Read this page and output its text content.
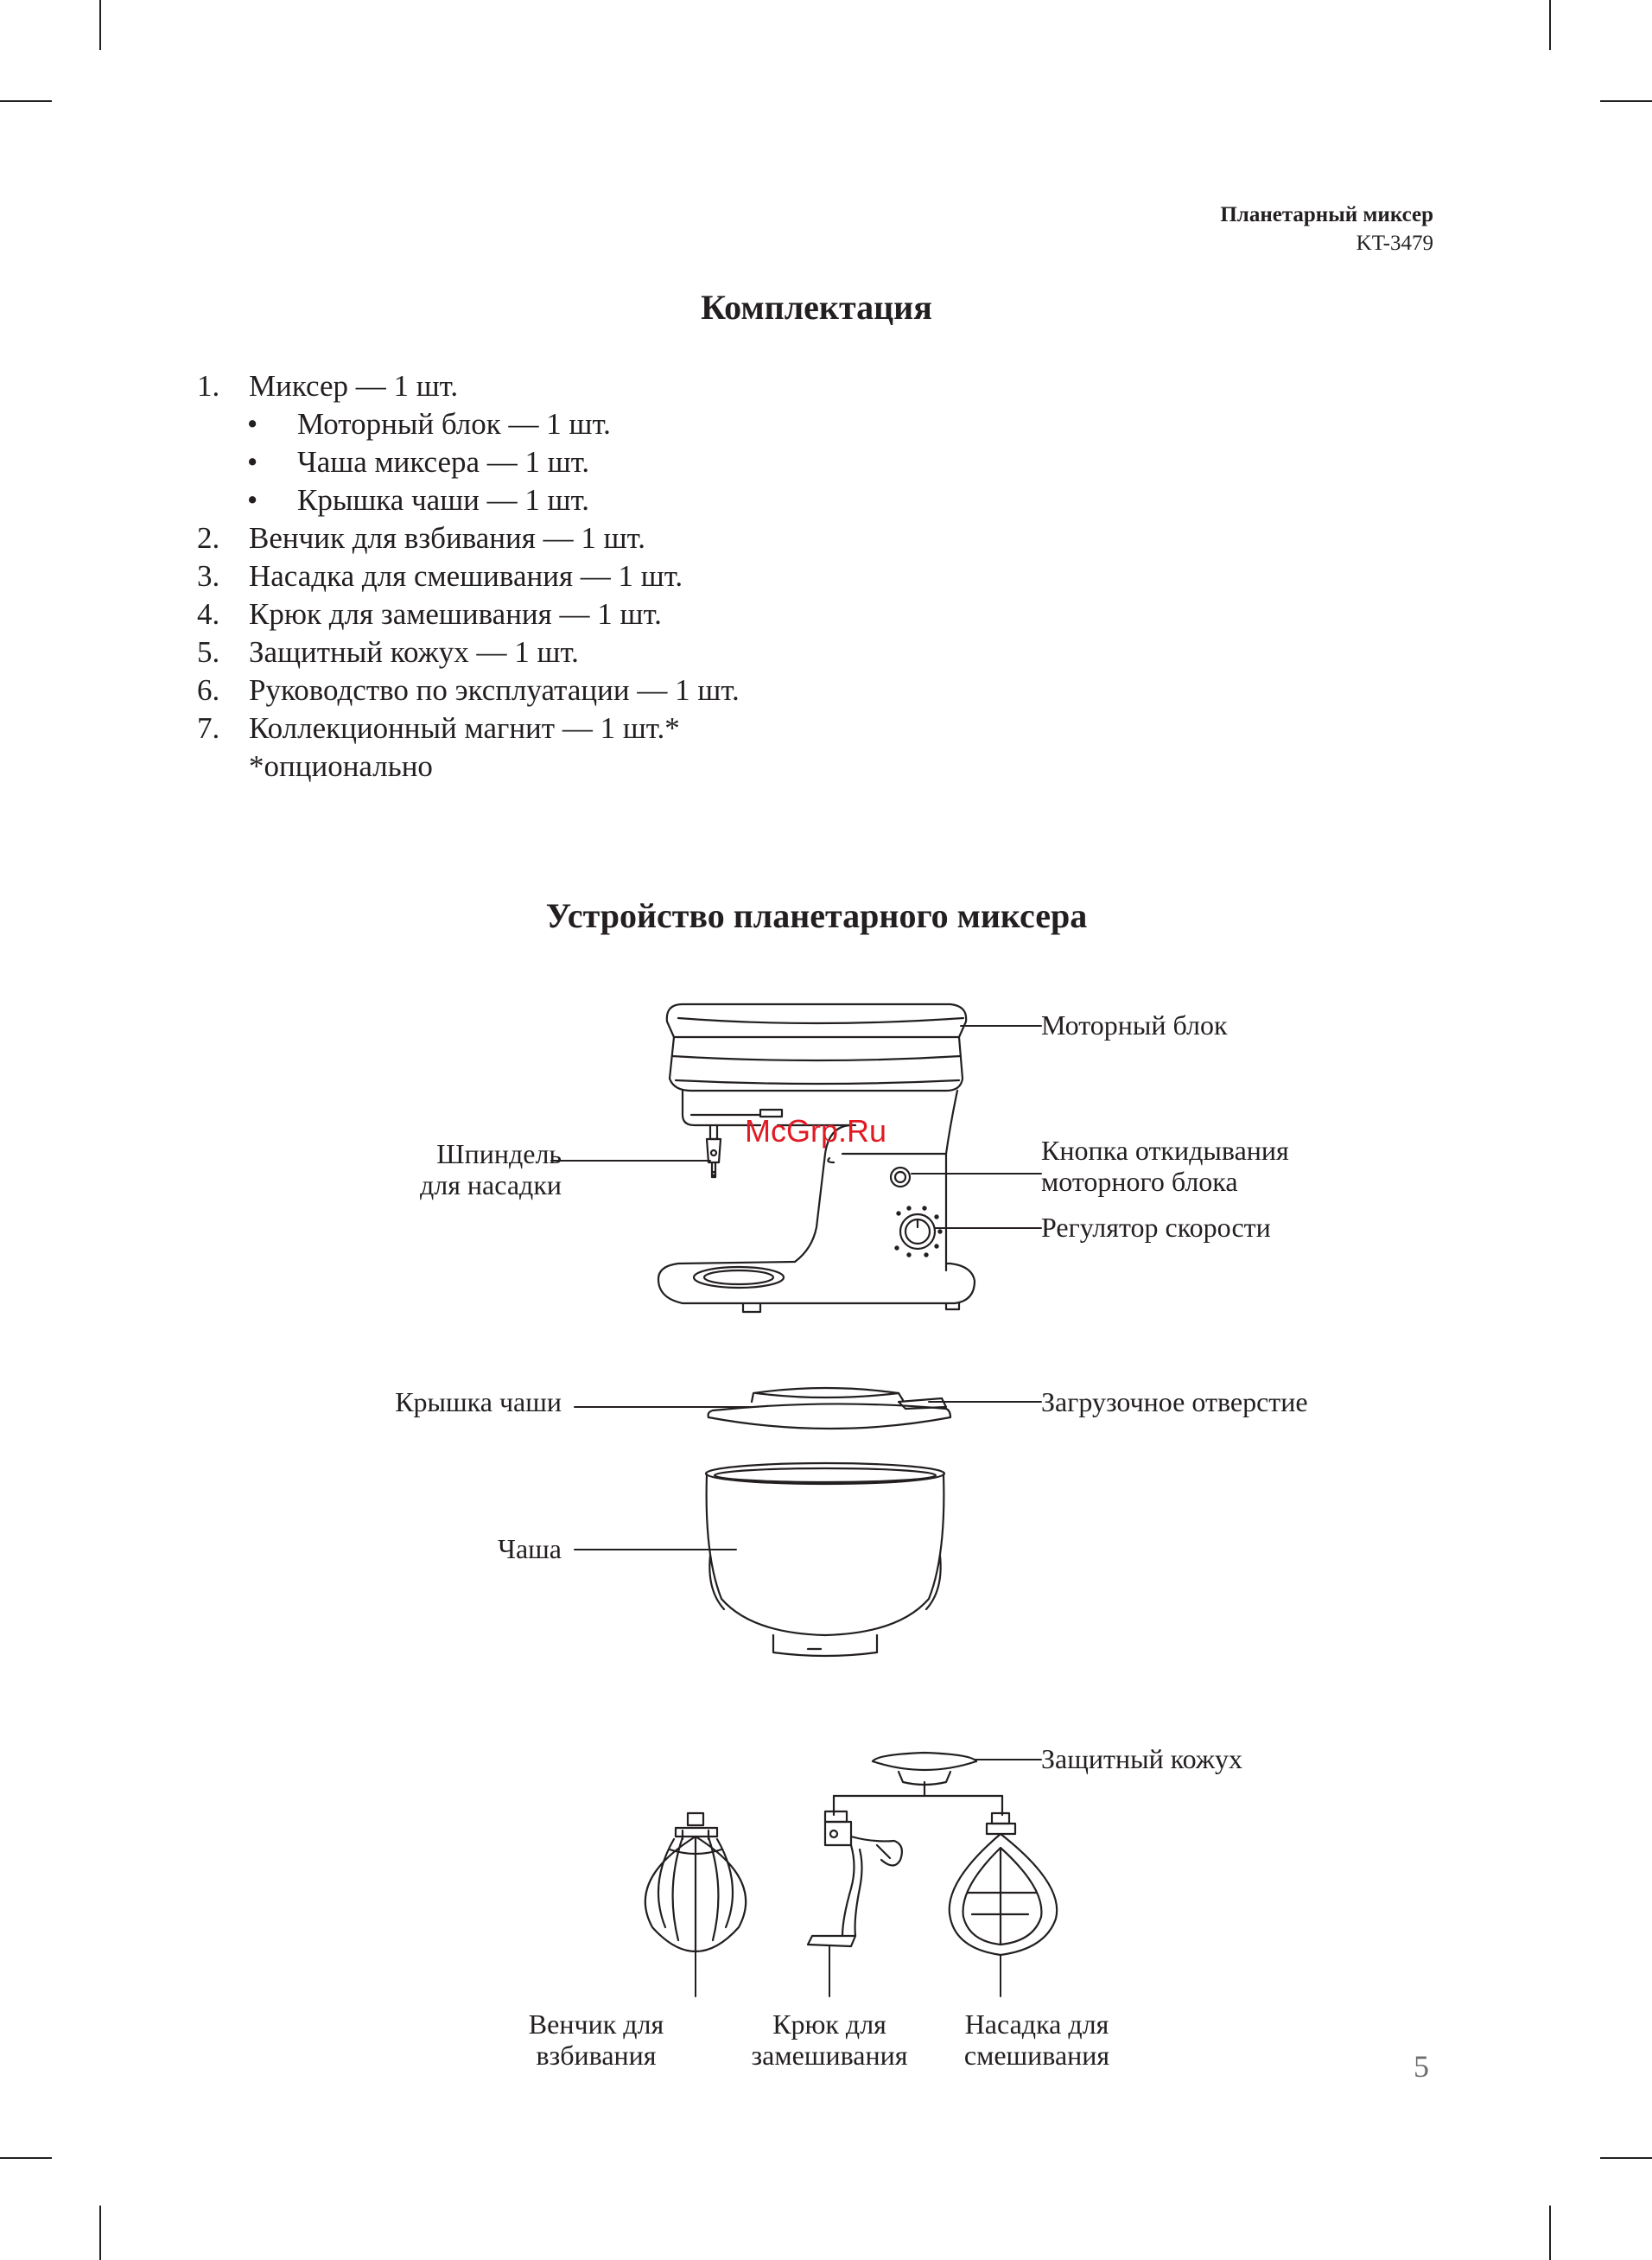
Планетарный миксер
KT-3479
Комплектация
1. Миксер — 1 шт.
• Моторный блок — 1 шт.
• Чаша миксера — 1 шт.
• Крышка чаши — 1 шт.
2. Венчик для взбивания — 1 шт.
3. Насадка для смешивания — 1 шт.
4. Крюк для замешивания — 1 шт.
5. Защитный кожух — 1 шт.
6. Руководство по эксплуатации — 1 шт.
7. Коллекционный магнит — 1 шт.*
*опционально
Устройство планетарного миксера
Моторный блок
Шпиндель
для насадки
Кнопка откидывания
моторного блока
Регулятор скорости
Крышка чаши	Загрузочное отверстие
Чаша
Защитный кожух
Венчик для
взбивания
Крюк для
замешивания
Насадка для
смешивания
McGrp.Ru
5
